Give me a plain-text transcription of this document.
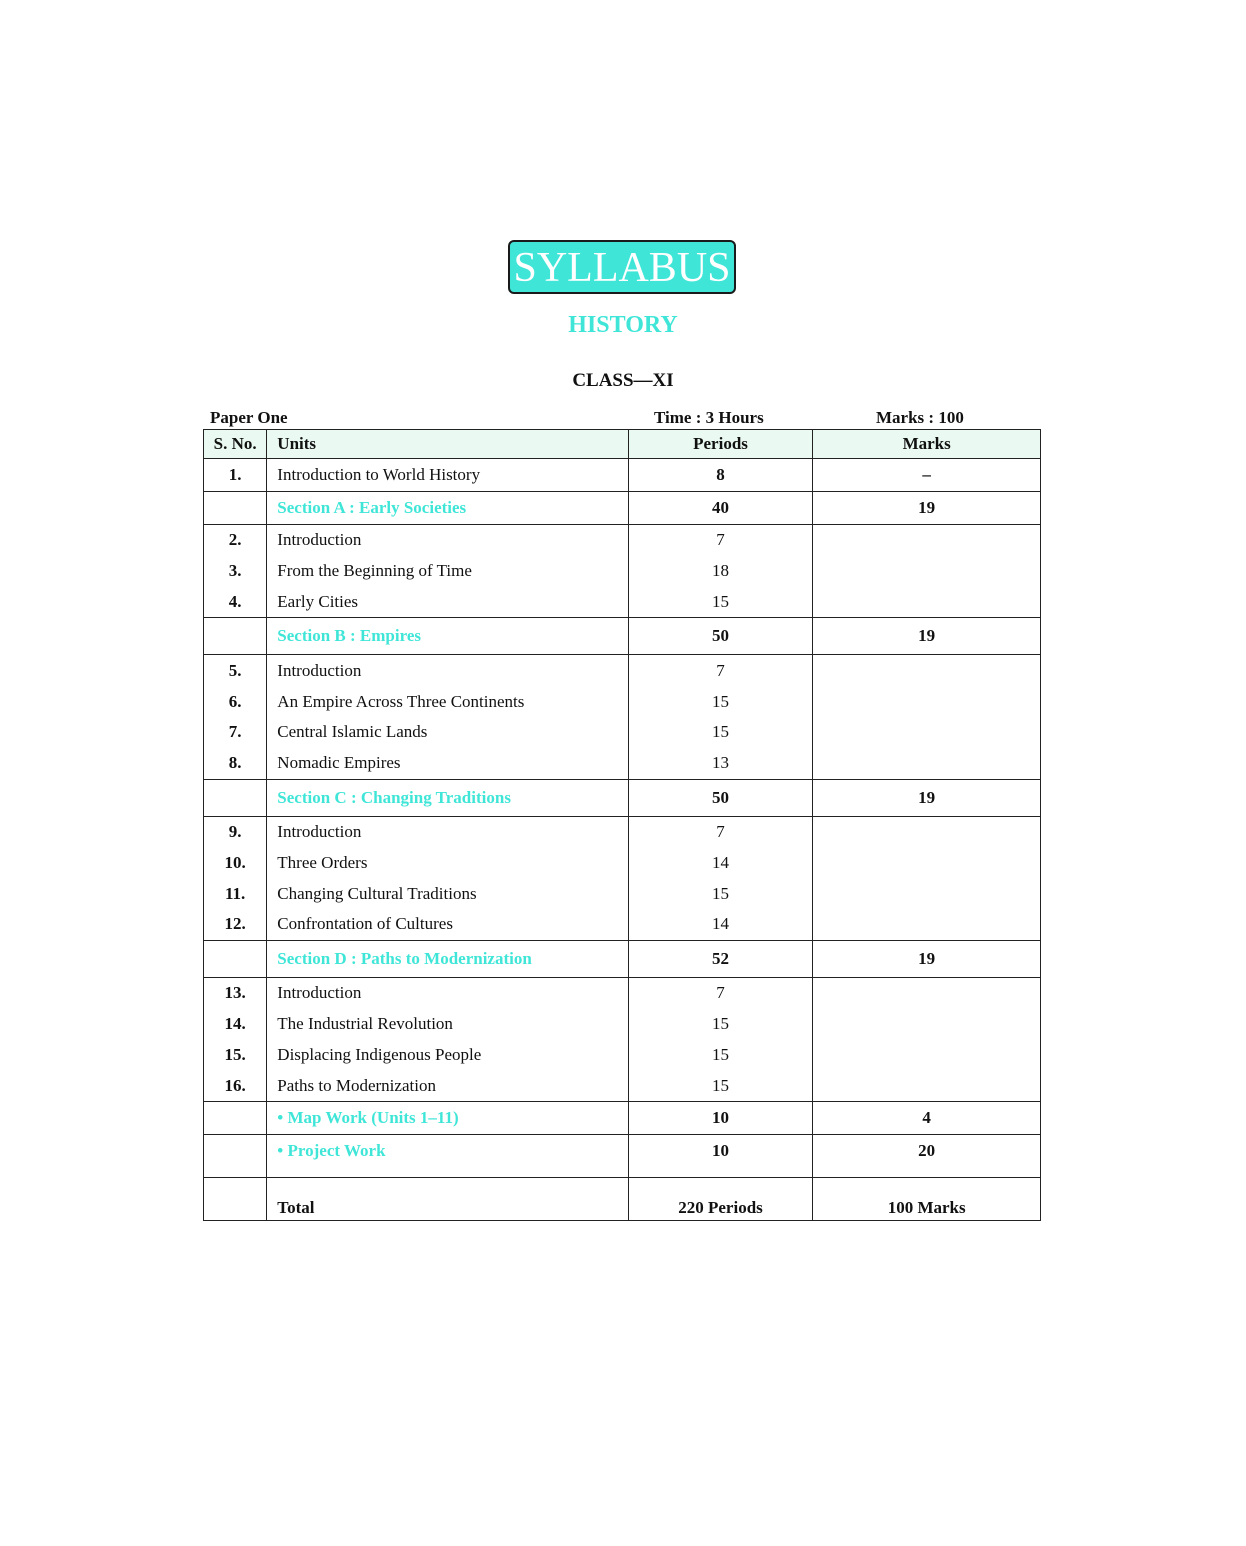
SYLLABUS
HISTORY
CLASS—XI
Paper One	Time : 3 Hours	Marks : 100
S. No.	Units	Periods	Marks
1.	Introduction to World History	8	–
	Section A : Early Societies	40	19
2.	Introduction	7	
3.	From the Beginning of Time	18	
4.	Early Cities	15	
	Section B : Empires	50	19
5.	Introduction	7	
6.	An Empire Across Three Continents	15	
7.	Central Islamic Lands	15	
8.	Nomadic Empires	13	
	Section C : Changing Traditions	50	19
9.	Introduction	7	
10.	Three Orders	14	
11.	Changing Cultural Traditions	15	
12.	Confrontation of Cultures	14	
	Section D : Paths to Modernization	52	19
13.	Introduction	7	
14.	The Industrial Revolution	15	
15.	Displacing Indigenous People	15	
16.	Paths to Modernization	15	
	• Map Work (Units 1–11)	10	4
	• Project Work	10	20
	Total	220 Periods	100 Marks
